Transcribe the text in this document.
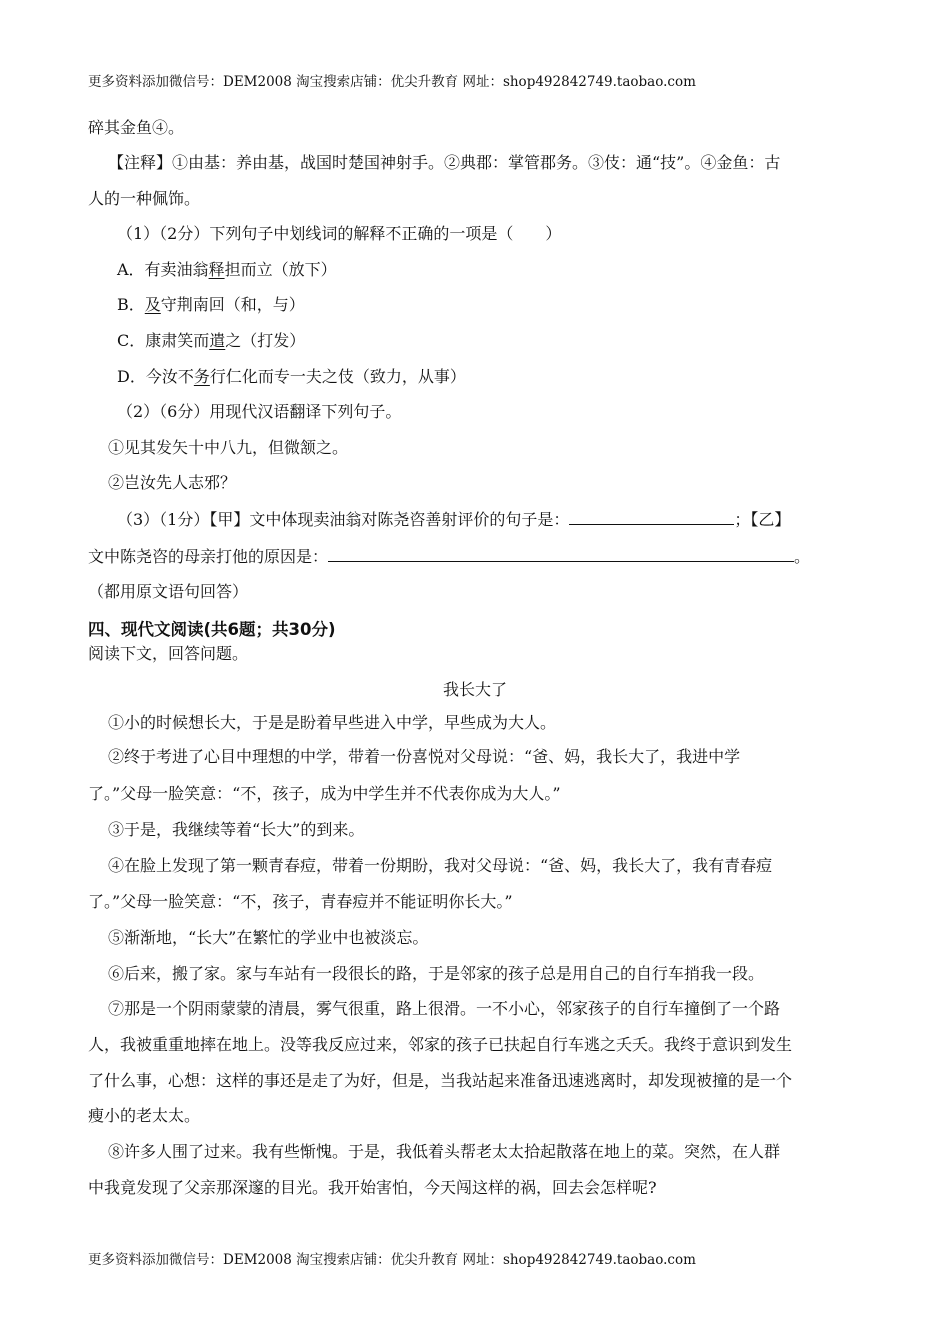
更多资料添加微信号：DEM2008 淘宝搜索店铺：优尖升教育 网址：shop492842749.taobao.com
碎其金鱼④。
【注释】①由基：养由基，战国时楚国神射手。②典郡：掌管郡务。③伎：通“技”。④金鱼：古
人的一种佩饰。
（1）（2分）下列句子中划线词的解释不正确的一项是（　　）
A．有卖油翁释担而立（放下）
B．及守荆南回（和，与）
C．康肃笑而遣之（打发）
D．今汝不务行仁化而专一夫之伎（致力，从事）
（2）（6分）用现代汉语翻译下列句子。
①见其发矢十中八九，但微颔之。
②岂汝先人志邪？
（3）（1分）【甲】文中体现卖油翁对陈尧咨善射评价的句子是：	；【乙】
文中陈尧咨的母亲打他的原因是：	。
（都用原文语句回答）
四、现代文阅读(共6题；共30分)
阅读下文，回答问题。
我长大了
①小的时候想长大，于是是盼着早些进入中学，早些成为大人。
②终于考进了心目中理想的中学，带着一份喜悦对父母说：“爸、妈，我长大了，我进中学
了。”父母一脸笑意：“不，孩子，成为中学生并不代表你成为大人。”
③于是，我继续等着“长大”的到来。
④在脸上发现了第一颗青春痘，带着一份期盼，我对父母说：“爸、妈，我长大了，我有青春痘
了。”父母一脸笑意：“不，孩子，青春痘并不能证明你长大。”
⑤渐渐地，“长大”在繁忙的学业中也被淡忘。
⑥后来，搬了家。家与车站有一段很长的路，于是邻家的孩子总是用自己的自行车捎我一段。
⑦那是一个阴雨蒙蒙的清晨，雾气很重，路上很滑。一不小心，邻家孩子的自行车撞倒了一个路
人，我被重重地摔在地上。没等我反应过来，邻家的孩子已扶起自行车逃之夭夭。我终于意识到发生
了什么事，心想：这样的事还是走了为好，但是，当我站起来准备迅速逃离时，却发现被撞的是一个
瘦小的老太太。
⑧许多人围了过来。我有些惭愧。于是，我低着头帮老太太拾起散落在地上的菜。突然，在人群
中我竟发现了父亲那深邃的目光。我开始害怕，今天闯这样的祸，回去会怎样呢?
更多资料添加微信号：DEM2008 淘宝搜索店铺：优尖升教育 网址：shop492842749.taobao.com
